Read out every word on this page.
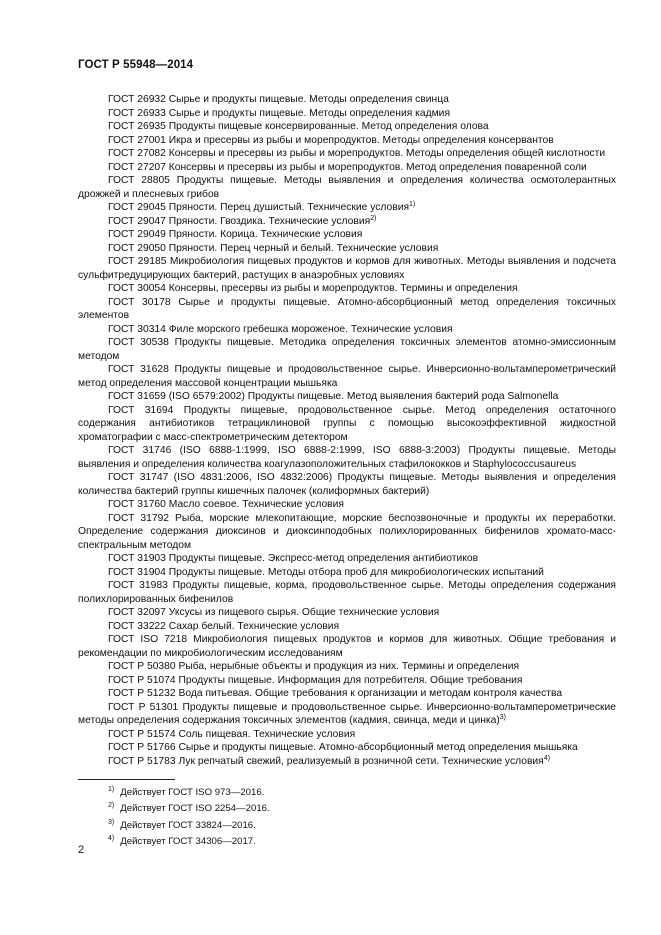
ГОСТ Р 55948—2014

ГОСТ 26932 Сырье и продукты пищевые. Методы определения свинца

ГОСТ 26933 Сырье и продукты пищевые. Методы определения кадмия

ГОСТ 26935 Продукты пищевые консервированные. Метод определения олова

ГОСТ 27001 Икра и пресервы из рыбы и морепродуктов. Методы определения консервантов

ГОСТ 27082 Консервы и пресервы из рыбы и морепродуктов. Методы определения общей кислотности

ГОСТ 27207 Консервы и пресервы из рыбы и морепродуктов. Метод определения поваренной соли

ГОСТ 28805 Продукты пищевые. Методы выявления и определения количества осмотолерантных дрожжей и плесневых грибов

ГОСТ 29045 Пряности. Перец душистый. Технические условия$^{1)}$

ГОСТ 29047 Пряности. Гвоздика. Технические условия$^{2)}$

ГОСТ 29049 Пряности. Корица. Технические условия

ГОСТ 29050 Пряности. Перец черный и белый. Технические условия

ГОСТ 29185 Микробиология пищевых продуктов и кормов для животных. Методы выявления и подсчета сульфитредуцирующих бактерий, растущих в анаэробных условиях

ГОСТ 30054 Консервы, пресервы из рыбы и морепродуктов. Термины и определения

ГОСТ 30178 Сырье и продукты пищевые. Атомно-абсорбционный метод определения токсичных элементов

ГОСТ 30314 Филе морского гребешка мороженое. Технические условия

ГОСТ 30538 Продукты пищевые. Методика определения токсичных элементов атомно-эмиссионным методом

ГОСТ 31628 Продукты пищевые и продовольственное сырье. Инверсионно-вольтамперометрический метод определения массовой концентрации мышьяка

ГОСТ 31659 (ISO 6579:2002) Продукты пищевые. Метод выявления бактерий рода Salmonella

ГОСТ 31694 Продукты пищевые, продовольственное сырье. Метод определения остаточного содержания антибиотиков тетрациклиновой группы с помощью высокоэффективной жидкостной хроматографии с масс-спектрометрическим детектором

ГОСТ 31746 (ISO 6888-1:1999, ISO 6888-2:1999, ISO 6888-3:2003) Продукты пищевые. Методы выявления и определения количества коагулазоположительных стафилококков и Staphylococcusaureus

ГОСТ 31747 (ISO 4831:2006, ISO 4832:2006) Продукты пищевые. Методы выявления и определения количества бактерий группы кишечных палочек (колиформных бактерий)

ГОСТ 31760 Масло соевое. Технические условия

ГОСТ 31792 Рыба, морские млекопитающие, морские беспозвоночные и продукты их переработки. Определение содержания диоксинов и диоксинподобных полихлорированных бифенилов хромато-масс-спектральным методом

ГОСТ 31903 Продукты пищевые. Экспресс-метод определения антибиотиков

ГОСТ 31904 Продукты пищевые. Методы отбора проб для микробиологических испытаний

ГОСТ 31983 Продукты пищевые, корма, продовольственное сырье. Методы определения содержания полихлорированных бифенилов

ГОСТ 32097 Уксусы из пищевого сырья. Общие технические условия

ГОСТ 33222 Сахар белый. Технические условия

ГОСТ ISO 7218 Микробиология пищевых продуктов и кормов для животных. Общие требования и рекомендации по микробиологическим исследованиям

ГОСТ Р 50380 Рыба, нерыбные объекты и продукция из них. Термины и определения

ГОСТ Р 51074 Продукты пищевые. Информация для потребителя. Общие требования

ГОСТ Р 51232 Вода питьевая. Общие требования к организации и методам контроля качества

ГОСТ Р 51301 Продукты пищевые и продовольственное сырье. Инверсионно-вольтамперометрические методы определения содержания токсичных элементов (кадмия, свинца, меди и цинка)$^{3)}$

ГОСТ Р 51574 Соль пищевая. Технические условия

ГОСТ Р 51766 Сырье и продукты пищевые. Атомно-абсорбционный метод определения мышьяка

ГОСТ Р 51783 Лук репчатый свежий, реализуемый в розничной сети. Технические условия$^{4)}$

$^{1)}$ Действует ГОСТ ISO 973—2016.

$^{2)}$ Действует ГОСТ ISO 2254—2016.

$^{3)}$ Действует ГОСТ 33824—2016.

$^{4)}$ Действует ГОСТ 34306—2017.

2
